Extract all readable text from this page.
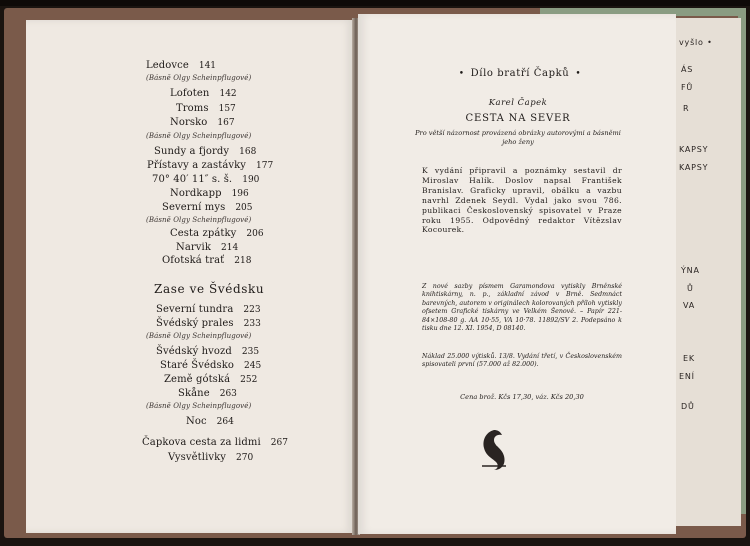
vyšlo •
ÁS
FŮ
R
KAPSY
KAPSY
ÝNA
Ů
VA
EK
ENÍ
DŮ
Zase ve Švédsku
Ledovce 141
(Básně Olgy Scheinpflugové)
Lofoten 142
Troms 157
Norsko 167
(Básně Olgy Scheinpflugové)
Sundy a fjordy 168
Přístavy a zastávky 177
70° 40′ 11″ s. š. 190
Nordkapp 196
Severní mys 205
(Básně Olgy Scheinpflugové)
Cesta zpátky 206
Narvik 214
Ofotská trať 218
Severní tundra 223
Švédský prales 233
(Básně Olgy Scheinpflugové)
Švédský hvozd 235
Staré Švédsko 245
Země gótská 252
Skåne 263
(Básně Olgy Scheinpflugové)
Noc 264
Čapkova cesta za lidmi 267
Vysvětlivky 270
• Dílo bratří Čapků •
Karel Čapek
CESTA NA SEVER
Pro větší názornost provázená obrázky autorovými a básněmi jeho ženy
K vydání připravil a poznámky sestavil dr Miroslav Halík. Doslov napsal František Branislav. Graficky upravil, obálku a vazbu navrhl Zdenek Seydl. Vydal jako svou 786. publikaci Československý spisovatel v Praze roku 1955. Odpovědný redaktor Vítězslav Kocourek.
Z nové sazby písmem Garamondova vytiskly Brněnské knihtiskárny, n. p., základní závod v Brně. Sedmnáct barevných, autorem v originálech kolorovaných příloh vytiskly ofsetem Grafické tiskárny ve Velkém Šenově. – Papír 221-84×108-80 g. AA 10·55, VA 10·78. 11892/SV 2. Podepsáno k tisku dne 12. XI. 1954, D 08140.
Náklad 25.000 výtisků. 13/8. Vydání třetí, v Československém spisovateli první (57.000 až 82.000).
Cena brož. Kčs 17,30, váz. Kčs 20,30
